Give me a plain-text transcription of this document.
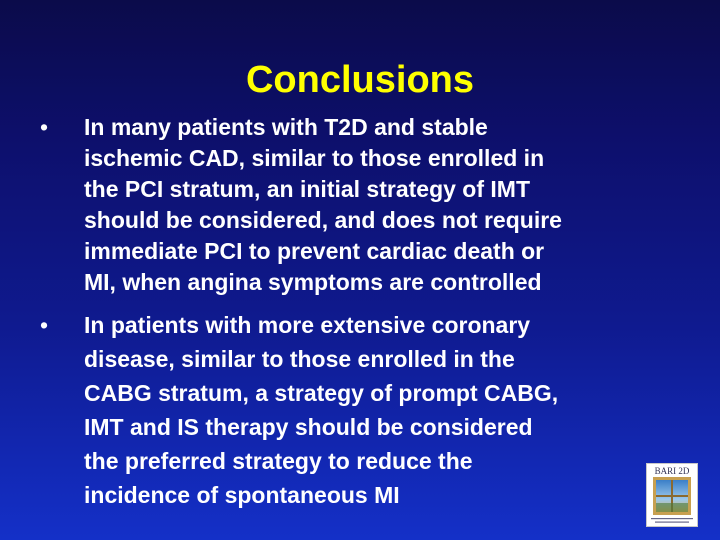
Conclusions
•	In many patients with T2D and stable
ischemic CAD, similar to those enrolled in
the PCI stratum, an initial strategy of IMT
should be considered, and does not require
immediate PCI to prevent cardiac death or
MI, when angina symptoms are controlled
•	In patients with more extensive coronary
disease, similar to those enrolled in the
CABG stratum, a strategy of prompt CABG,
IMT and IS therapy should be considered
the preferred strategy to reduce the
incidence of spontaneous MI
BARI 2D
